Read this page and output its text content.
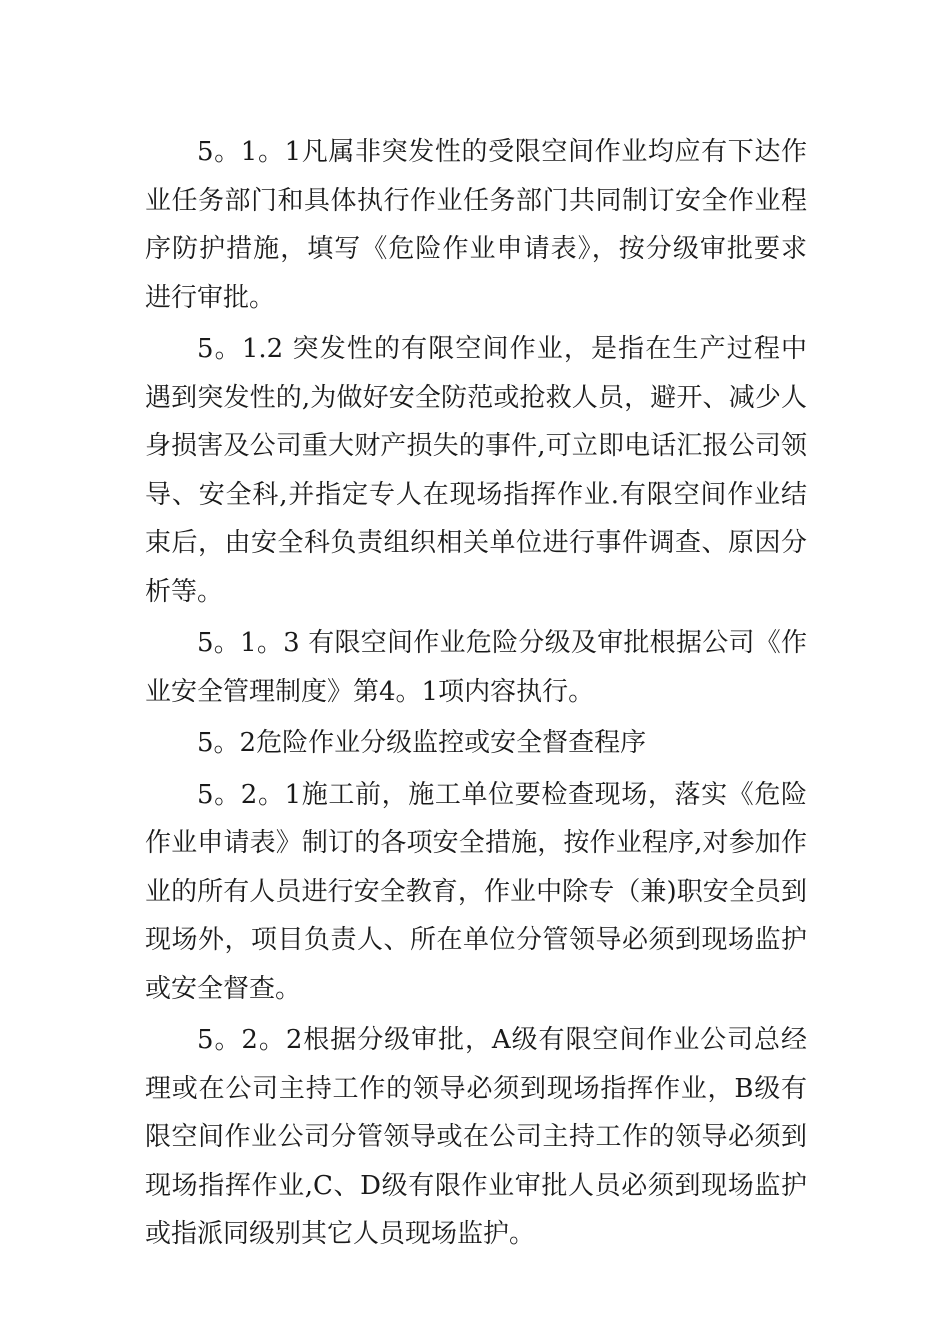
5。1。1凡属非突发性的受限空间作业均应有下达作业任务部门和具体执行作业任务部门共同制订安全作业程序防护措施，填写《危险作业申请表》，按分级审批要求进行审批。

5。1.2 突发性的有限空间作业，是指在生产过程中遇到突发性的,为做好安全防范或抢救人员，避开、减少人身损害及公司重大财产损失的事件,可立即电话汇报公司领导、安全科,并指定专人在现场指挥作业.有限空间作业结束后，由安全科负责组织相关单位进行事件调查、原因分析等。

5。1。3 有限空间作业危险分级及审批根据公司《作业安全管理制度》第4。1项内容执行。

5。2危险作业分级监控或安全督查程序

5。2。1施工前，施工单位要检查现场，落实《危险作业申请表》制订的各项安全措施，按作业程序,对参加作业的所有人员进行安全教育，作业中除专（兼)职安全员到现场外，项目负责人、所在单位分管领导必须到现场监护或安全督查。

5。2。2根据分级审批，A级有限空间作业公司总经理或在公司主持工作的领导必须到现场指挥作业，B级有限空间作业公司分管领导或在公司主持工作的领导必须到现场指挥作业,C、D级有限作业审批人员必须到现场监护或指派同级别其它人员现场监护。
